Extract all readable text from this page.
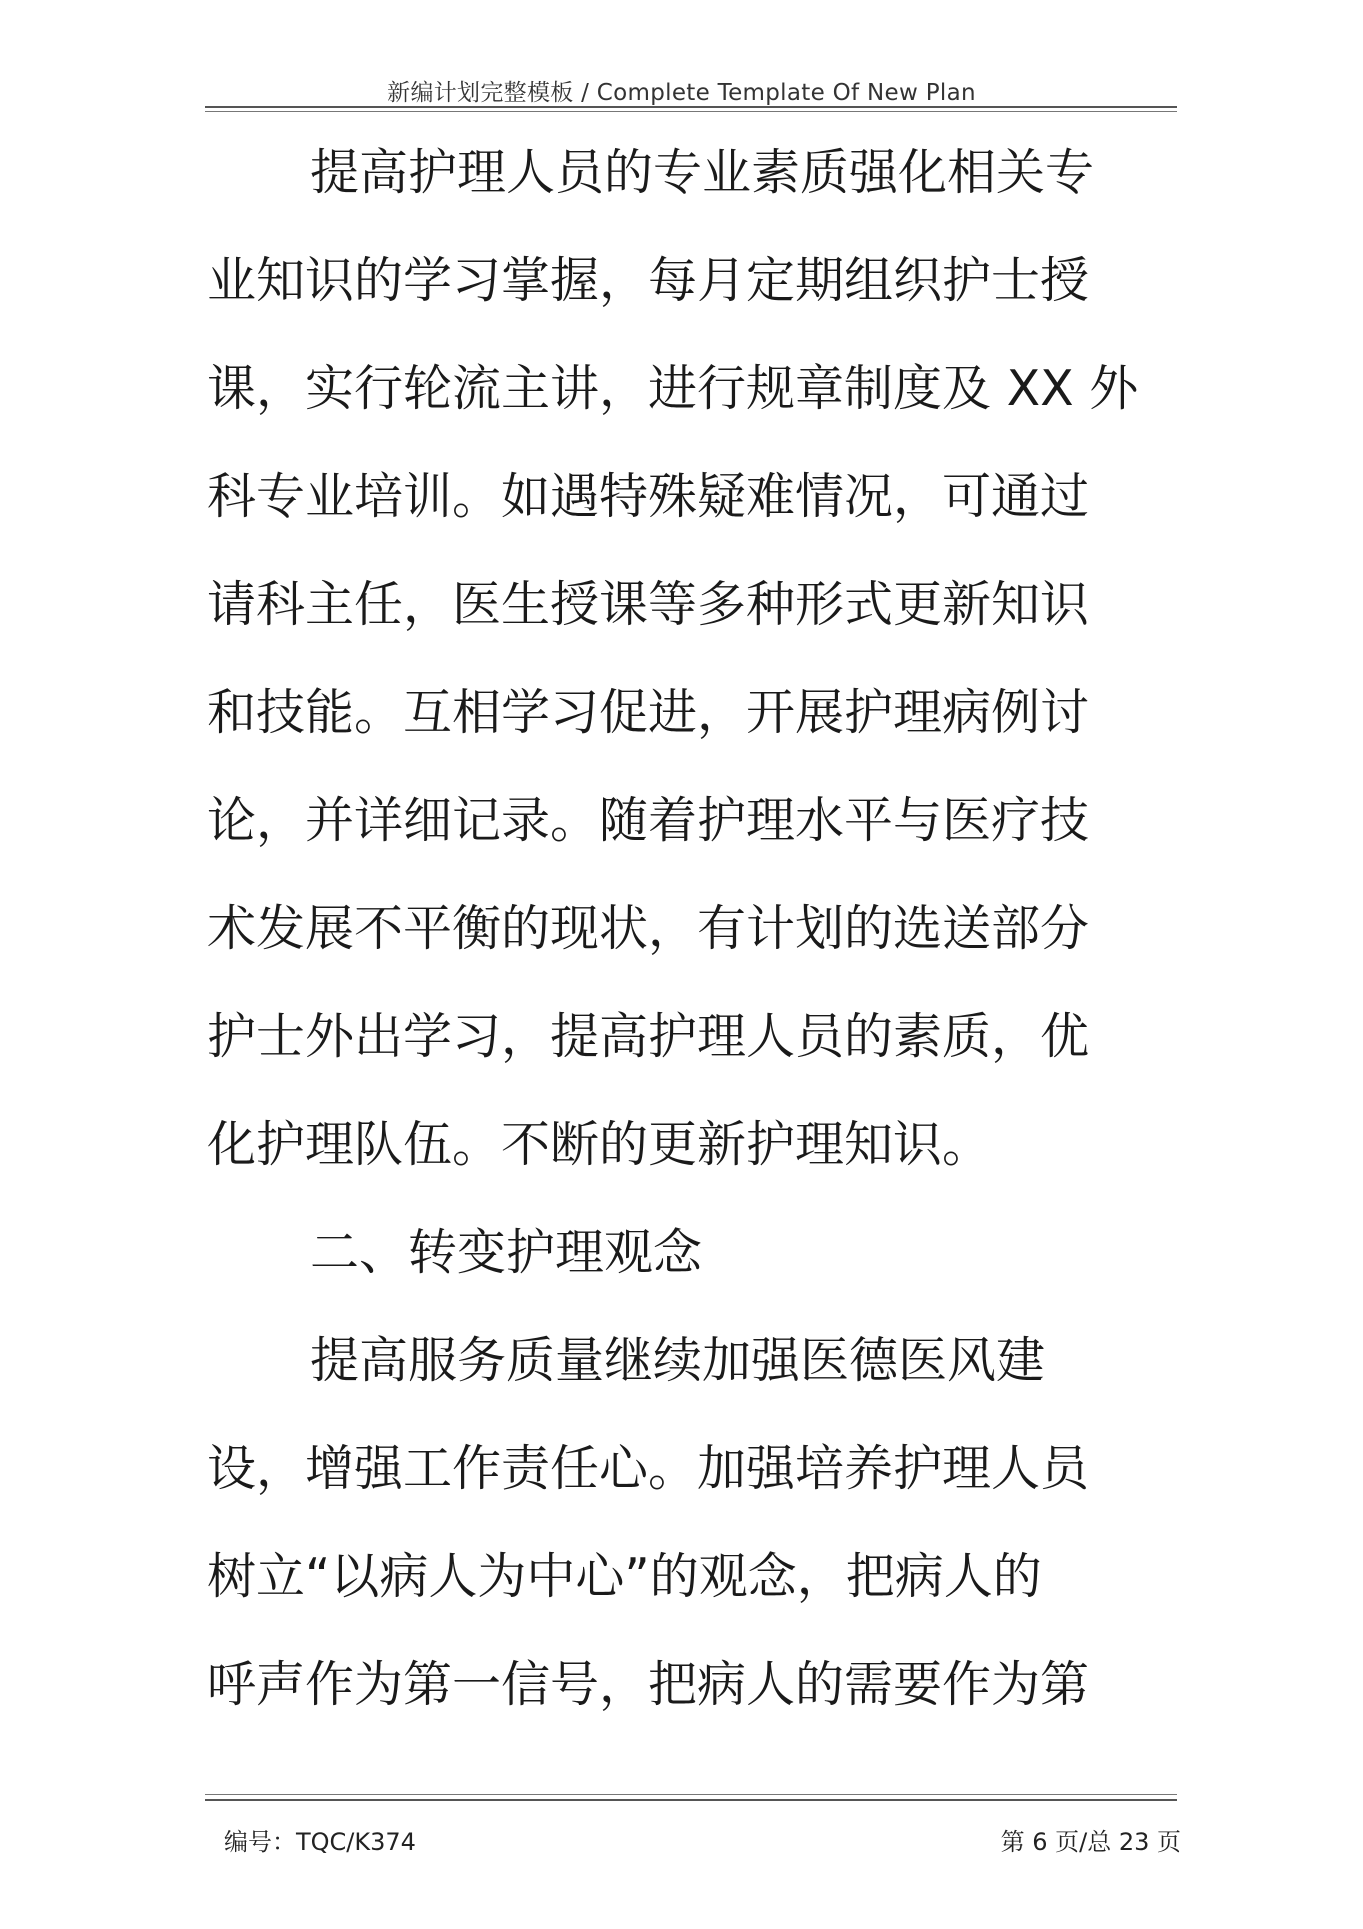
新编计划完整模板 / Complete Template Of New Plan
提高护理人员的专业素质强化相关专
业知识的学习掌握，每月定期组织护士授
课，实行轮流主讲，进行规章制度及 XX 外
科专业培训。如遇特殊疑难情况，可通过
请科主任，医生授课等多种形式更新知识
和技能。互相学习促进，开展护理病例讨
论，并详细记录。随着护理水平与医疗技
术发展不平衡的现状，有计划的选送部分
护士外出学习，提高护理人员的素质，优
化护理队伍。不断的更新护理知识。
二、转变护理观念
提高服务质量继续加强医德医风建
设，增强工作责任心。加强培养护理人员
树立“以病人为中心”的观念，把病人的
呼声作为第一信号，把病人的需要作为第
编号：TQC/K374	第 6 页/总 23 页
